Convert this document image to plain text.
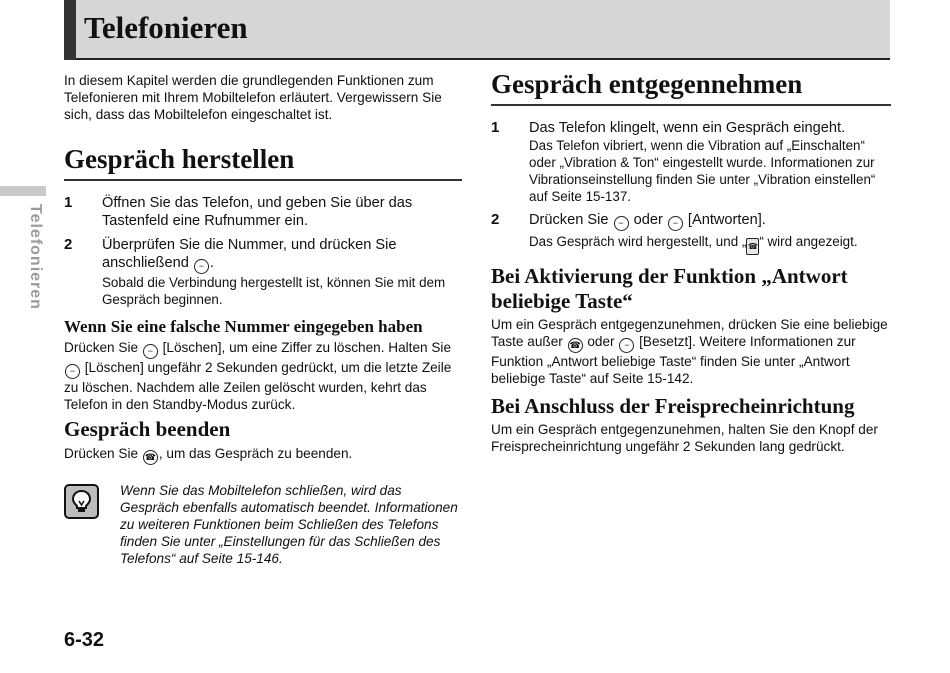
Telefonieren
Telefonieren

In diesem Kapitel werden die grundlegenden Funktionen zum Telefonieren mit Ihrem Mobiltelefon erläutert. Vergewissern Sie sich, dass das Mobiltelefon eingeschaltet ist.

Gespräch herstellen
1	Öffnen Sie das Telefon, und geben Sie über das Tastenfeld eine Rufnummer ein.

2	Überprüfen Sie die Nummer, und drücken Sie anschließend − .

Sobald die Verbindung hergestellt ist, können Sie mit dem Gespräch beginnen.

Wenn Sie eine falsche Nummer eingegeben haben

Drücken Sie − [Löschen], um eine Ziffer zu löschen. Halten Sie − [Löschen] ungefähr 2 Sekunden gedrückt, um die letzte Zeile zu löschen. Nachdem alle Zeilen gelöscht wurden, kehrt das Telefon in den Standby-Modus zurück.

Gespräch beenden

Drücken Sie ☎ , um das Gespräch zu beenden.

Wenn Sie das Mobiltelefon schließen, wird das Gespräch ebenfalls automatisch beendet. Informationen zu weiteren Funktionen beim Schließen des Telefons finden Sie unter „Einstellungen für das Schließen des Telefons“ auf Seite 15-146.

Gespräch entgegennehmen
1	Das Telefon klingelt, wenn ein Gespräch eingeht.

Das Telefon vibriert, wenn die Vibration auf „Einschalten“ oder „Vibration & Ton“ eingestellt wurde. Informationen zur Vibrationseinstellung finden Sie unter „Vibration einstellen“ auf Seite 15-137.

2	Drücken Sie − oder − [Antworten].

Das Gespräch wird hergestellt, und „ ☎ “ wird angezeigt.

Bei Aktivierung der Funktion „Antwort beliebige Taste“

Um ein Gespräch entgegenzunehmen, drücken Sie eine beliebige Taste außer ☎ oder − [Besetzt]. Weitere Informationen zur Funktion „Antwort beliebige Taste“ finden Sie unter „Antwort beliebige Taste“ auf Seite 15-142.

Bei Anschluss der Freisprecheinrichtung

Um ein Gespräch entgegenzunehmen, halten Sie den Knopf der Freisprecheinrichtung ungefähr 2 Sekunden lang gedrückt.

6-32
